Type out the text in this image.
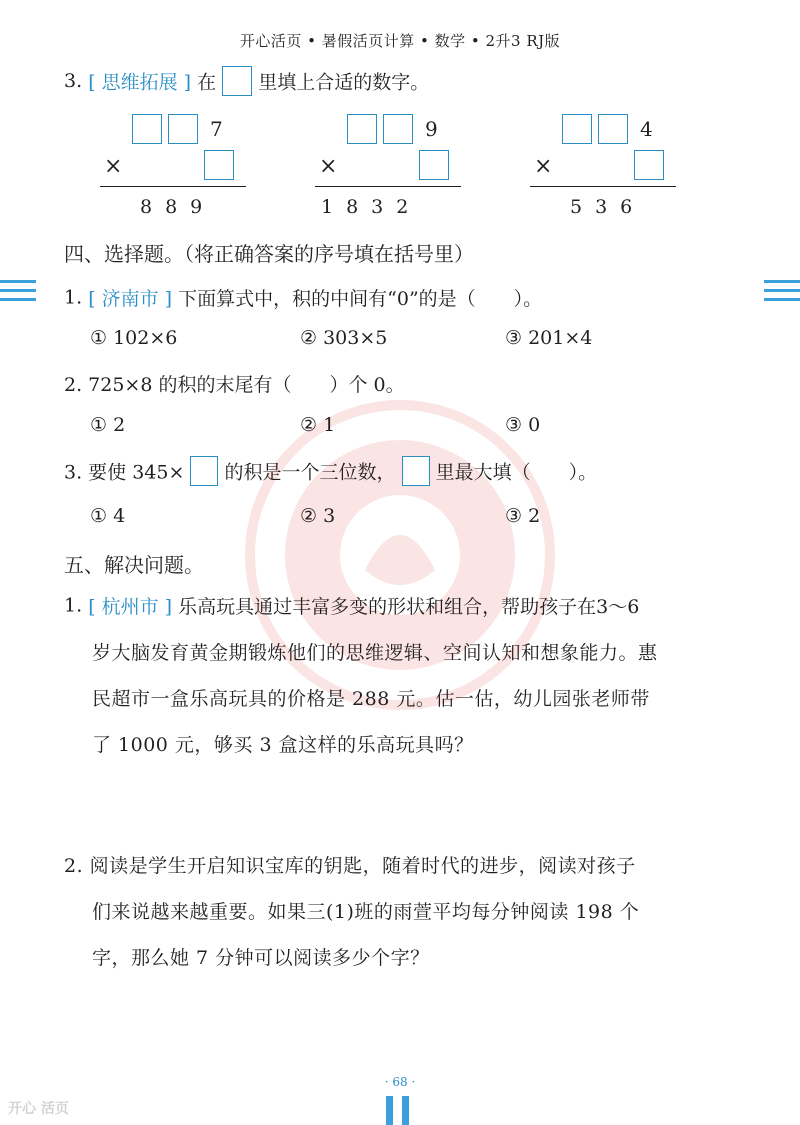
开心活页 • 暑假活页计算 • 数学 • 2升3 RJ版
3. [ 思维拓展 ] 在 里填上合适的数字。
7
×
889
9
×
1832
4
×
536
四、选择题。（将正确答案的序号填在括号里）
1. [ 济南市 ] 下面算式中，积的中间有“0”的是（　　）。
① 102×6	② 303×5	③ 201×4
2. 725×8 的积的末尾有（　　）个 0。
① 2	② 1	③ 0
3. 要使 345× 的积是一个三位数， 里最大填（　　）。
① 4	② 3	③ 2
五、解决问题。
1. [ 杭州市 ] 乐高玩具通过丰富多变的形状和组合，帮助孩子在3～6
岁大脑发育黄金期锻炼他们的思维逻辑、空间认知和想象能力。惠
民超市一盒乐高玩具的价格是 288 元。估一估，幼儿园张老师带
了 1000 元，够买 3 盒这样的乐高玩具吗？
2. 阅读是学生开启知识宝库的钥匙，随着时代的进步，阅读对孩子
们来说越来越重要。如果三(1)班的雨萱平均每分钟阅读 198 个
字，那么她 7 分钟可以阅读多少个字？
· 68 ·
开心 活页
